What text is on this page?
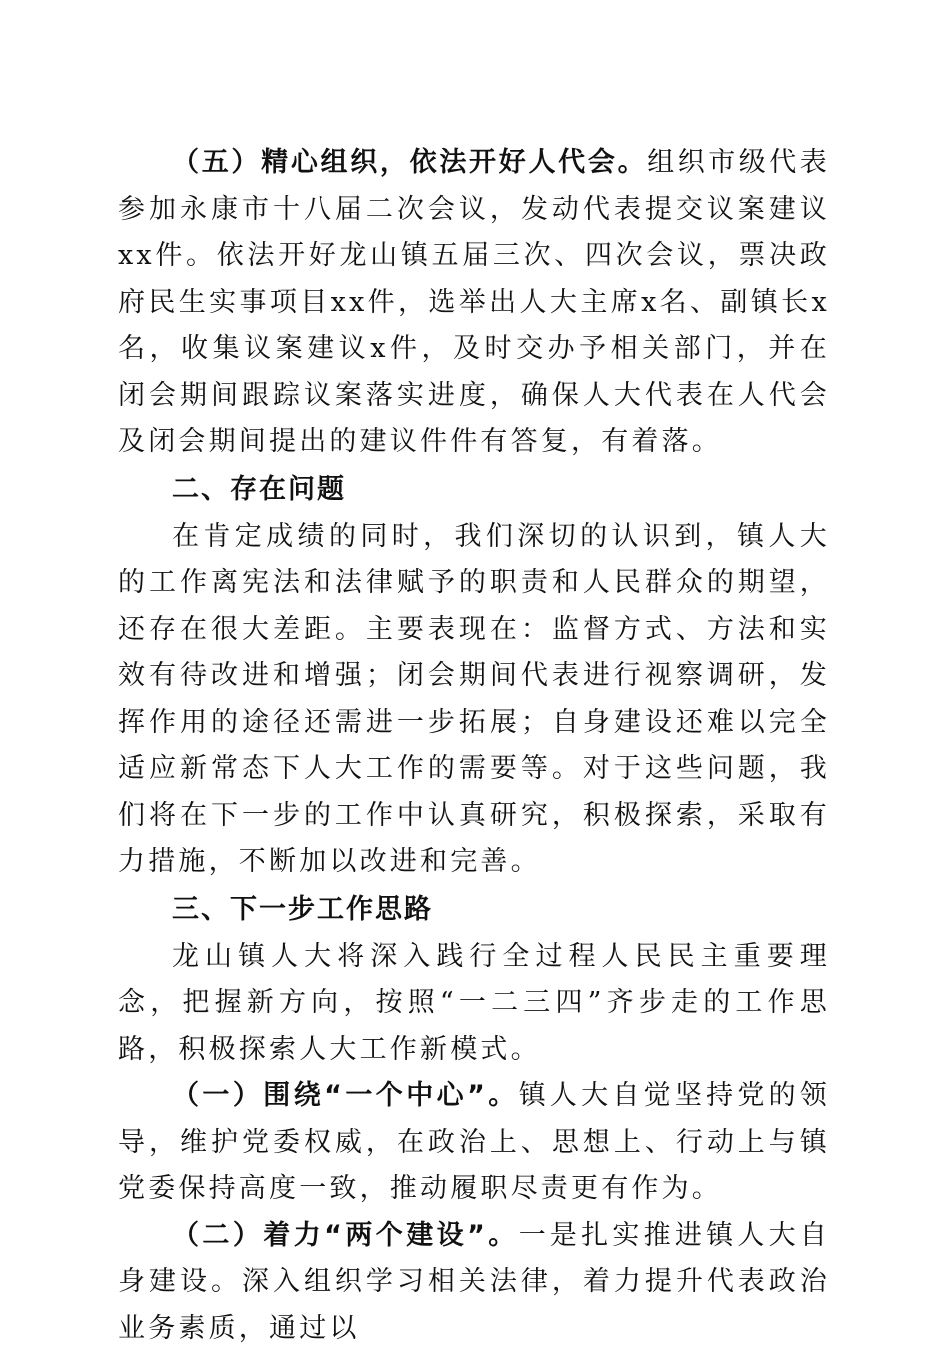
（五）精心组织，依法开好人代会。组织市级代表参加永康市十八届二次会议，发动代表提交议案建议xx件。依法开好龙山镇五届三次、四次会议，票决政府民生实事项目xx件，选举出人大主席x名、副镇长x名，收集议案建议x件，及时交办予相关部门，并在闭会期间跟踪议案落实进度，确保人大代表在人代会及闭会期间提出的建议件件有答复，有着落。

二、存在问题

在肯定成绩的同时，我们深切的认识到，镇人大的工作离宪法和法律赋予的职责和人民群众的期望，还存在很大差距。主要表现在：监督方式、方法和实效有待改进和增强；闭会期间代表进行视察调研，发挥作用的途径还需进一步拓展；自身建设还难以完全适应新常态下人大工作的需要等。对于这些问题，我们将在下一步的工作中认真研究，积极探索，采取有力措施，不断加以改进和完善。

三、下一步工作思路

龙山镇人大将深入践行全过程人民民主重要理念，把握新方向，按照“一二三四”齐步走的工作思路，积极探索人大工作新模式。

（一）围绕“一个中心”。镇人大自觉坚持党的领导，维护党委权威，在政治上、思想上、行动上与镇党委保持高度一致，推动履职尽责更有作为。

（二）着力“两个建设”。一是扎实推进镇人大自身建设。深入组织学习相关法律，着力提升代表政治业务素质，通过以
